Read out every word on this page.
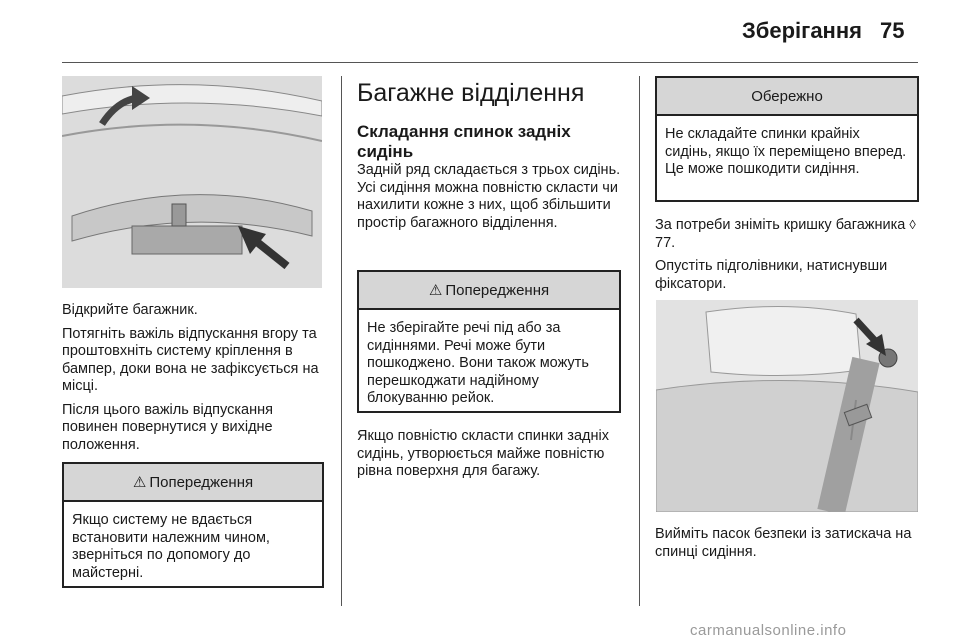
Зберігання 75

Відкрийте багажник.

Потягніть важіль відпускання вгору та проштовхніть систему кріплення в бампер, доки вона не зафіксується на місці.

Після цього важіль відпускання повинен повернутися у вихідне положення.

⚠ Попередження
Якщо систему не вдається встановити належним чином, зверніться по допомогу до майстерні.
Багажне відділення
Складання спинок задніх сидінь

Задній ряд складається з трьох сидінь. Усі сидіння можна повністю скласти чи нахилити кожне з них, щоб збільшити простір багажного відділення.

⚠ Попередження
Не зберігайте речі під або за сидіннями. Речі може бути пошкоджено. Вони також можуть перешкоджати надійному блокуванню рейок.

Якщо повністю скласти спинки задніх сидінь, утворюється майже повністю рівна поверхня для багажу.

Обережно
Не складайте спинки крайніх сидінь, якщо їх переміщено вперед. Це може пошкодити сидіння.

За потреби зніміть кришку багажника ◊ 77.

Опустіть підголівники, натиснувши фіксатори.

Вийміть пасок безпеки із затискача на спинці сидіння.

carmanualsonline.info
